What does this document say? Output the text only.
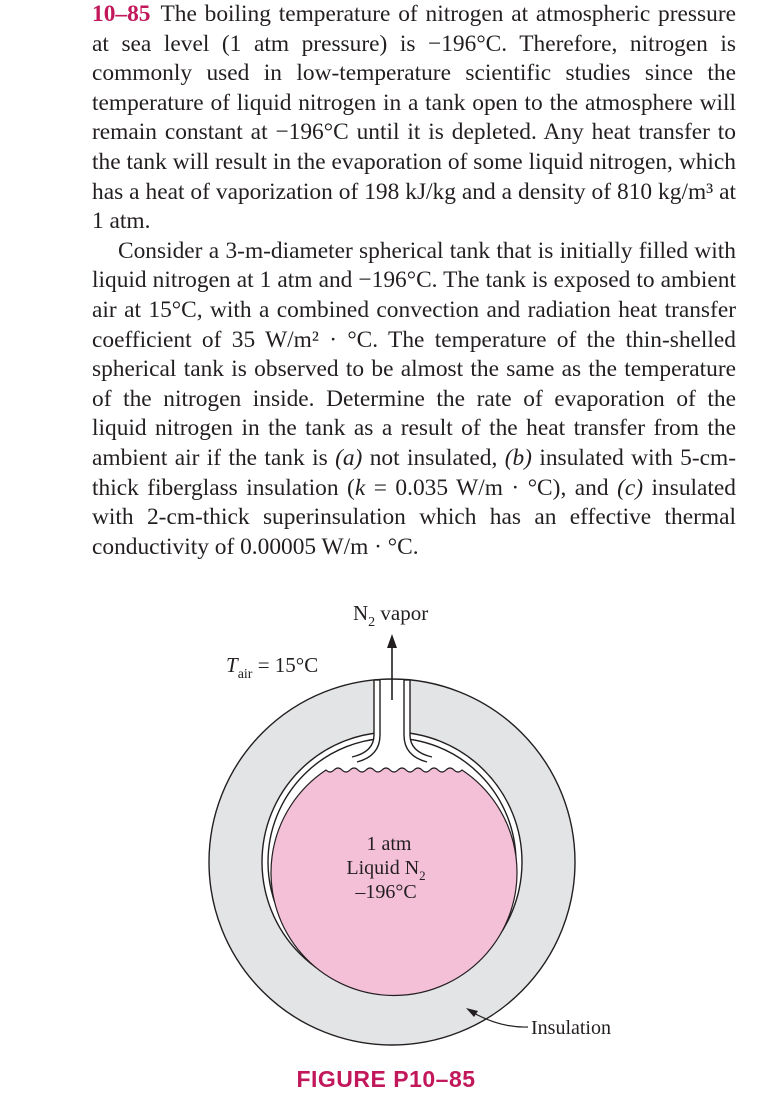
10–85 The boiling temperature of nitrogen at atmospheric pressure at sea level (1 atm pressure) is −196°C. Therefore, nitrogen is commonly used in low-temperature scientific studies since the temperature of liquid nitrogen in a tank open to the atmosphere will remain constant at −196°C until it is depleted. Any heat transfer to the tank will result in the evaporation of some liquid nitrogen, which has a heat of vaporization of 198 kJ/kg and a density of 810 kg/m³ at 1 atm.

Consider a 3-m-diameter spherical tank that is initially filled with liquid nitrogen at 1 atm and −196°C. The tank is exposed to ambient air at 15°C, with a combined convection and radiation heat transfer coefficient of 35 W/m² · °C. The temperature of the thin-shelled spherical tank is observed to be almost the same as the temperature of the nitrogen inside. Determine the rate of evaporation of the liquid nitrogen in the tank as a result of the heat transfer from the ambient air if the tank is (a) not insulated, (b) insulated with 5-cm-thick fiberglass insulation (k = 0.035 W/m · °C), and (c) insulated with 2-cm-thick superinsulation which has an effective thermal conductivity of 0.00005 W/m · °C.

$N_2$ vapor
$T_{air} = 15^\circ C$
1 atm
Liquid $N_2$
–196°C
Insulation
FIGURE P10–85
